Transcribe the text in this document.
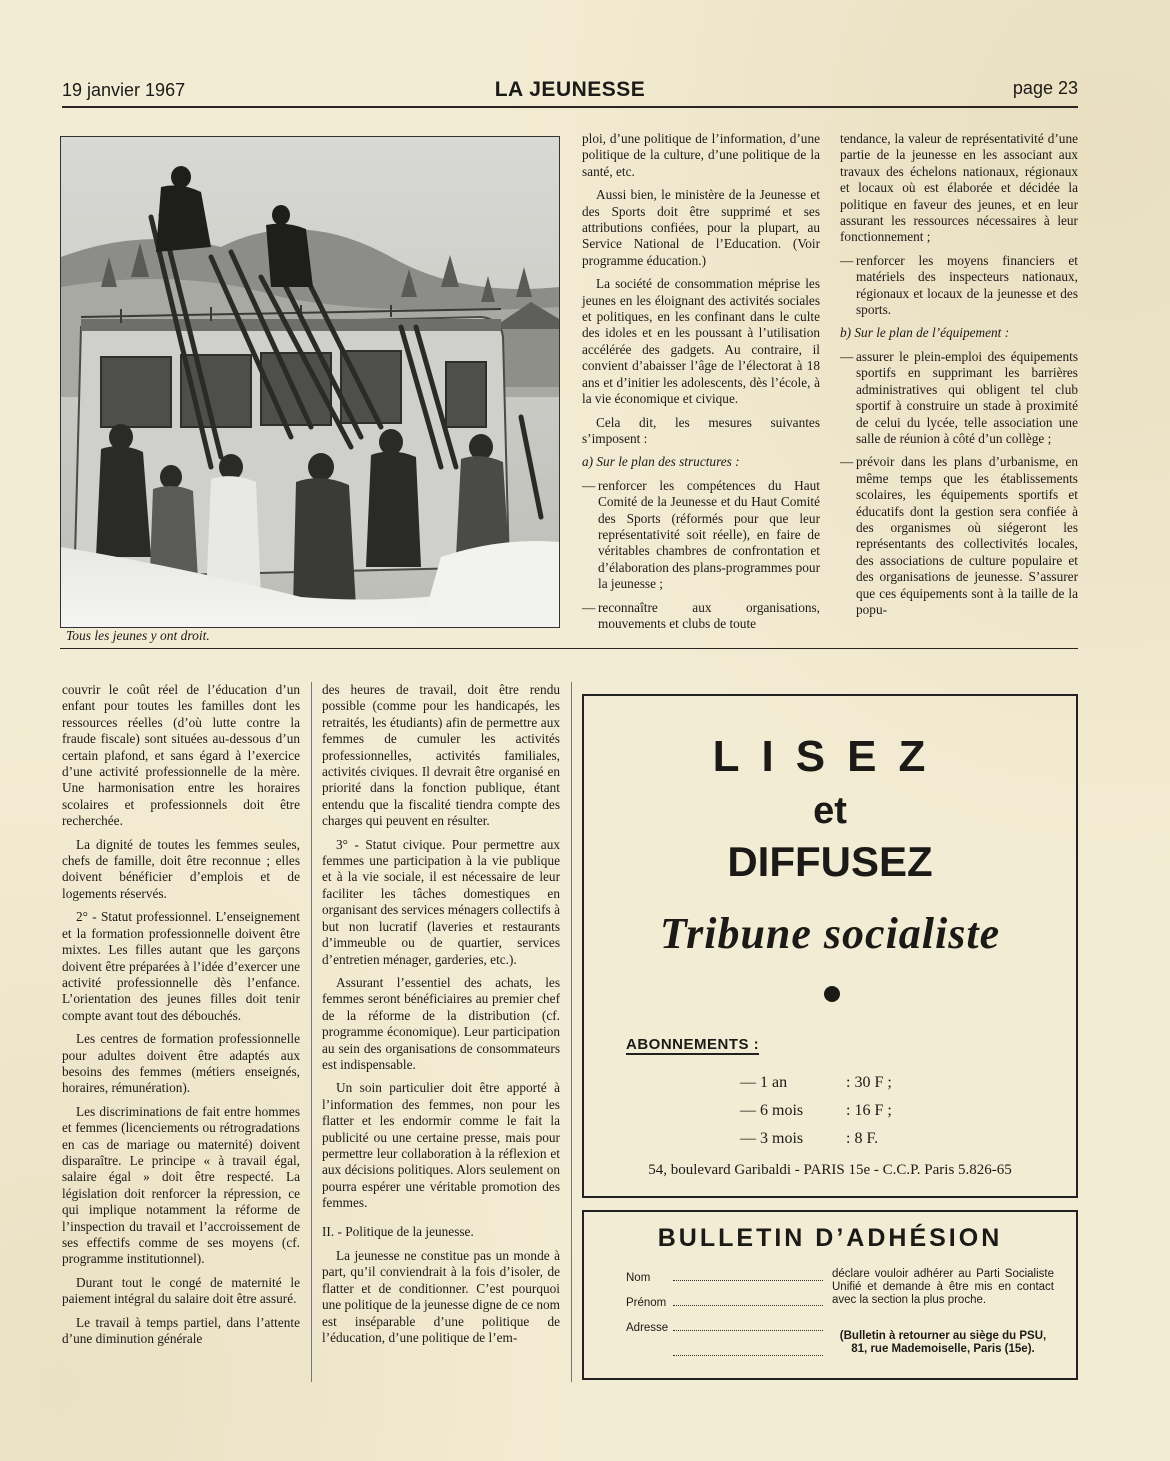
19 janvier 1967	LA JEUNESSE	page 23
Tous les jeunes y ont droit.

ploi, d’une politique de l’information, d’une politique de la culture, d’une politique de la santé, etc.

Aussi bien, le ministère de la Jeunesse et des Sports doit être supprimé et ses attributions confiées, pour la plupart, au Service National de l’Education. (Voir programme éducation.)

La société de consommation méprise les jeunes en les éloignant des activités sociales et politiques, en les confinant dans le culte des idoles et en les poussant à l’utilisation accélérée des gadgets. Au contraire, il convient d’abaisser l’âge de l’électorat à 18 ans et d’initier les adolescents, dès l’école, à la vie économique et civique.

Cela dit, les mesures suivantes s’imposent :

a) Sur le plan des structures :

— renforcer les compétences du Haut Comité de la Jeunesse et du Haut Comité des Sports (réformés pour que leur représentativité soit réelle), en faire de véritables chambres de confrontation et d’élaboration des plans-programmes pour la jeunesse ;

— reconnaître aux organisations, mouvements et clubs de toute

tendance, la valeur de représentativité d’une partie de la jeunesse en les associant aux travaux des échelons nationaux, régionaux et locaux où est élaborée et décidée la politique en faveur des jeunes, et en leur assurant les ressources nécessaires à leur fonctionnement ;

— renforcer les moyens financiers et matériels des inspecteurs nationaux, régionaux et locaux de la jeunesse et des sports.

b) Sur le plan de l’équipement :

— assurer le plein-emploi des équipements sportifs en supprimant les barrières administratives qui obligent tel club sportif à construire un stade à proximité de celui du lycée, telle association une salle de réunion à côté d’un collège ;

— prévoir dans les plans d’urbanisme, en même temps que les établissements scolaires, les équipements sportifs et éducatifs dont la gestion sera confiée à des organismes où siégeront les représentants des collectivités locales, des associations de culture populaire et des organisations de jeunesse. S’assurer que ces équipements sont à la taille de la popu-

couvrir le coût réel de l’éducation d’un enfant pour toutes les familles dont les ressources réelles (d’où lutte contre la fraude fiscale) sont situées au-dessous d’un certain plafond, et sans égard à l’exercice d’une activité professionnelle de la mère. Une harmonisation entre les horaires scolaires et professionnels doit être recherchée.

La dignité de toutes les femmes seules, chefs de famille, doit être reconnue ; elles doivent bénéficier d’emplois et de logements réservés.

2° - Statut professionnel. L’enseignement et la formation professionnelle doivent être mixtes. Les filles autant que les garçons doivent être préparées à l’idée d’exercer une activité professionnelle dès l’enfance. L’orientation des jeunes filles doit tenir compte avant tout des débouchés.

Les centres de formation professionnelle pour adultes doivent être adaptés aux besoins des femmes (métiers enseignés, horaires, rémunération).

Les discriminations de fait entre hommes et femmes (licenciements ou rétrogradations en cas de mariage ou maternité) doivent disparaître. Le principe « à travail égal, salaire égal » doit être respecté. La législation doit renforcer la répression, ce qui implique notamment la réforme de l’inspection du travail et l’accroissement de ses effectifs comme de ses moyens (cf. programme institutionnel).

Durant tout le congé de maternité le paiement intégral du salaire doit être assuré.

Le travail à temps partiel, dans l’attente d’une diminution générale

des heures de travail, doit être rendu possible (comme pour les handicapés, les retraités, les étudiants) afin de permettre aux femmes de cumuler les activités professionnelles, activités familiales, activités civiques. Il devrait être organisé en priorité dans la fonction publique, étant entendu que la fiscalité tiendra compte des charges qui peuvent en résulter.

3° - Statut civique. Pour permettre aux femmes une participation à la vie publique et à la vie sociale, il est nécessaire de leur faciliter les tâches domestiques en organisant des services ménagers collectifs à but non lucratif (laveries et restaurants d’immeuble ou de quartier, services d’entretien ménager, garderies, etc.).

Assurant l’essentiel des achats, les femmes seront bénéficiaires au premier chef de la réforme de la distribution (cf. programme économique). Leur participation au sein des organisations de consommateurs est indispensable.

Un soin particulier doit être apporté à l’information des femmes, non pour les flatter et les endormir comme le fait la publicité ou une certaine presse, mais pour permettre leur collaboration à la réflexion et aux décisions politiques. Alors seulement on pourra espérer une véritable promotion des femmes.

II. - Politique de la jeunesse.

La jeunesse ne constitue pas un monde à part, qu’il conviendrait à la fois d’isoler, de flatter et de conditionner. C’est pourquoi une politique de la jeunesse digne de ce nom est inséparable d’une politique de l’éducation, d’une politique de l’em-

LISEZ
et
DIFFUSEZ
Tribune socialiste
ABONNEMENTS :
— 1 an	: 30 F ;
— 6 mois	: 16 F ;
— 3 mois	: 8 F.
54, boulevard Garibaldi - PARIS 15e - C.C.P. Paris 5.826-65
BULLETIN D’ADHÉSION
Nom
Prénom
Adresse

déclare vouloir adhérer au Parti Socialiste Unifié et demande à être mis en contact avec la section la plus proche.
(Bulletin à retourner au siège du PSU, 81, rue Mademoiselle, Paris (15e).
